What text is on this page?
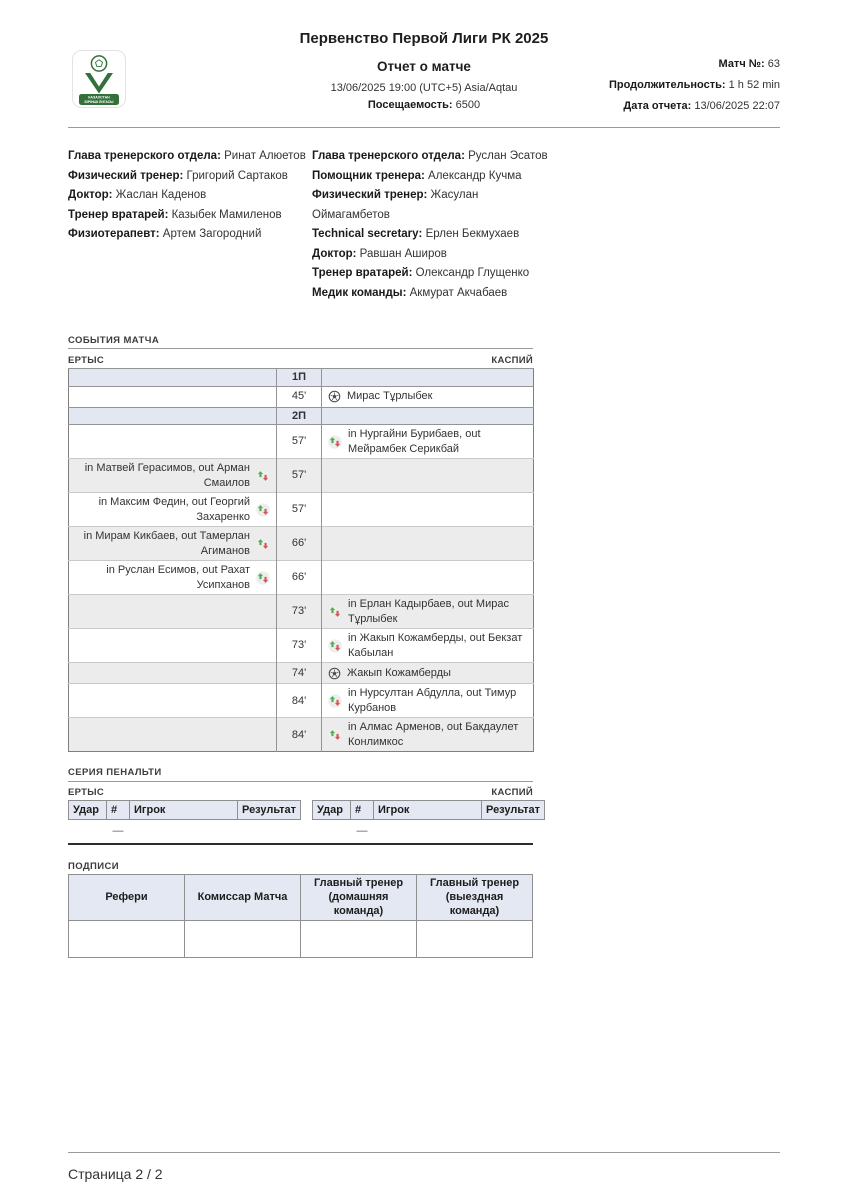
КАЗАХСТАН
БІРІНШІ ЛИГАСЫ
Первенство Первой Лиги РК 2025
Отчет о матче
13/06/2025 19:00 (UTC+5) Asia/Aqtau
Посещаемость: 6500
Матч №: 63
Продолжительность: 1 h 52 min
Дата отчета: 13/06/2025 22:07
Глава тренерского отдела: Ринат Алюетов
Физический тренер: Григорий Сартаков
Доктор: Жаслан Каденов
Тренер вратарей: Казыбек Мамиленов
Физиотерапевт: Артем Загородний
Глава тренерского отдела: Руслан Эсатов
Помощник тренера: Александр Кучма
Физический тренер: Жасулан Оймагамбетов
Technical secretary: Ерлен Бекмухаев
Доктор: Равшан Аширов
Тренер вратарей: Олександр Глущенко
Медик команды: Акмурат Акчабаев
СОБЫТИЯ МАТЧА
ЕРТЫС	КАСПИЙ
	1П	
	45'	Мирас Тұрлыбек

	2П	
	57'	in Нургайни Бурибаев, out Мейрамбек Серикбай

in Матвей Герасимов, out Арман Смаилов	57'	

in Максим Федин, out Георгий Захаренко	57'	

in Мирам Кикбаев, out Тамерлан Агиманов	66'	

in Руслан Есимов, out Рахат Усипханов	66'	
	73'	in Ерлан Кадырбаев, out Мирас Тұрлыбек

	73'	in Жакып Кожамберды, out Бекзат Кабылан

	74'	Жакып Кожамберды

	84'	in Нурсултан Абдулла, out Тимур Курбанов

	84'	in Алмас Арменов, out Бакдаулет Конлимкос
СЕРИЯ ПЕНАЛЬТИ
ЕРТЫС	КАСПИЙ
Удар	#	Игрок	Результат Удар	#	Игрок	Результат
—	—
ПОДПИСИ
Рефери	Комиссар Матча	Главный тренер (домашняя команда)	Главный тренер (выездная команда)

Страница 2 / 2
